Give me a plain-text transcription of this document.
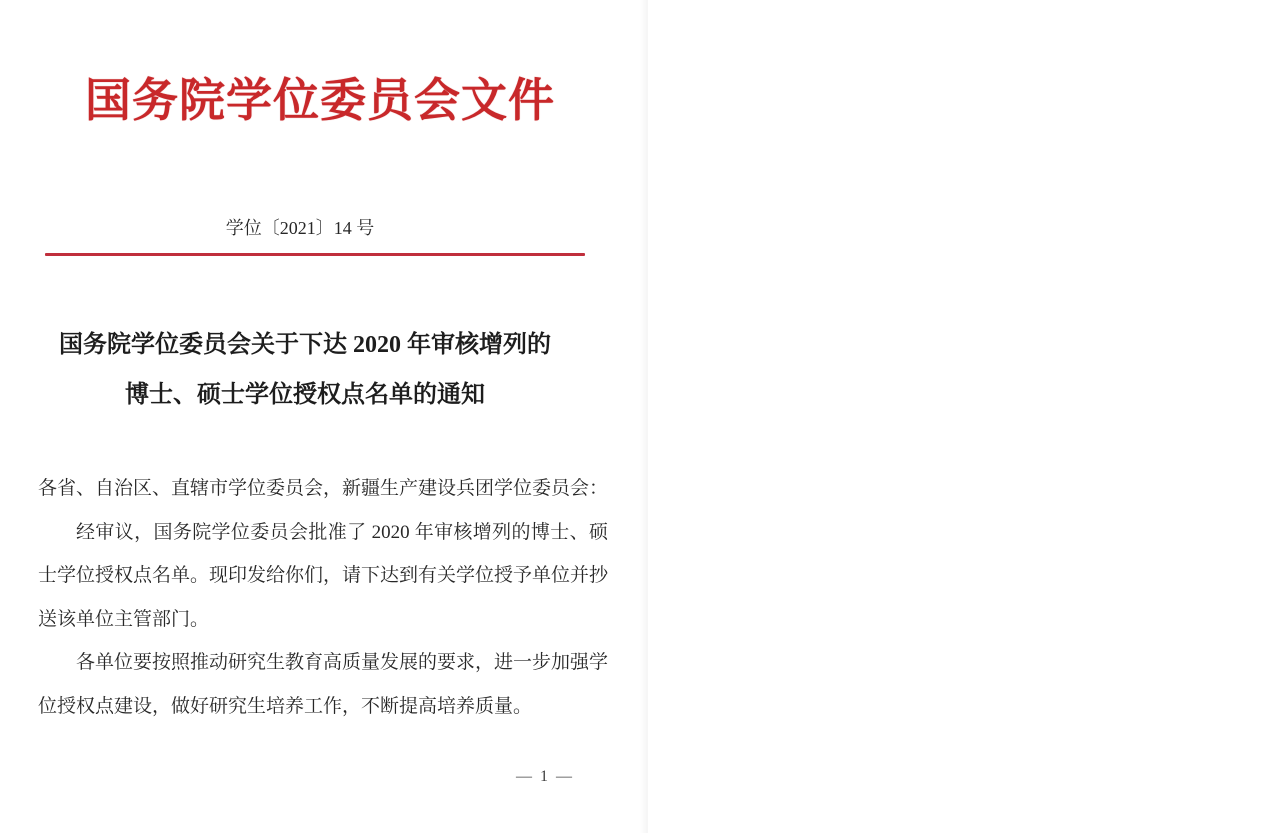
国务院学位委员会文件
学位〔2021〕14 号
国务院学位委员会关于下达 2020 年审核增列的
博士、硕士学位授权点名单的通知

各省、自治区、直辖市学位委员会，新疆生产建设兵团学位委员会：

经审议，国务院学位委员会批准了 2020 年审核增列的博士、硕士学位授权点名单。现印发给你们，请下达到有关学位授予单位并抄送该单位主管部门。

各单位要按照推动研究生教育高质量发展的要求，进一步加强学位授权点建设，做好研究生培养工作，不断提高培养质量。

— 1 —
